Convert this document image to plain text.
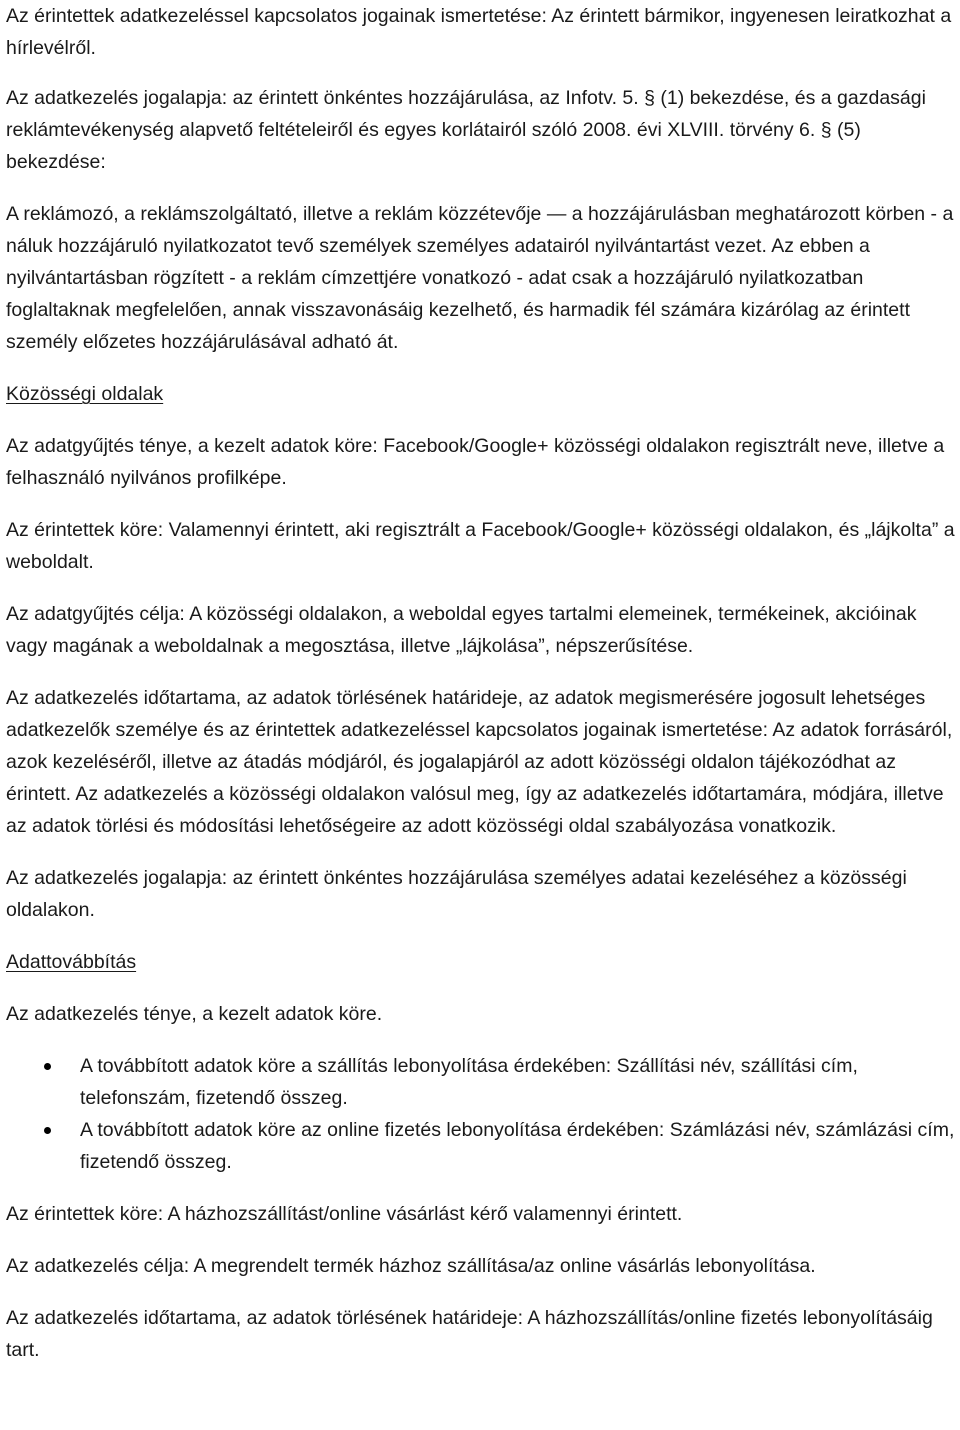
Az érintettek adatkezeléssel kapcsolatos jogainak ismertetése: Az érintett bármikor, ingyenesen leiratkozhat a hírlevélről.

Az adatkezelés jogalapja: az érintett önkéntes hozzájárulása, az Infotv. 5. § (1) bekezdése, és a gazdasági reklámtevékenység alapvető feltételeiről és egyes korlátairól szóló 2008. évi XLVIII. törvény 6. § (5) bekezdése:

A reklámozó, a reklámszolgáltató, illetve a reklám közzétevője — a hozzájárulásban meghatározott körben - a náluk hozzájáruló nyilatkozatot tevő személyek személyes adatairól nyilvántartást vezet. Az ebben a nyilvántartásban rögzített - a reklám címzettjére vonatkozó - adat csak a hozzájáruló nyilatkozatban foglaltaknak megfelelően, annak visszavonásáig kezelhető, és harmadik fél számára kizárólag az érintett személy előzetes hozzájárulásával adható át.

Közösségi oldalak

Az adatgyűjtés ténye, a kezelt adatok köre: Facebook/Google+ közösségi oldalakon regisztrált neve, illetve a felhasználó nyilvános profilképe.

Az érintettek köre: Valamennyi érintett, aki regisztrált a Facebook/Google+ közösségi oldalakon, és „lájkolta” a weboldalt.

Az adatgyűjtés célja: A közösségi oldalakon, a weboldal egyes tartalmi elemeinek, termékeinek, akcióinak vagy magának a weboldalnak a megosztása, illetve „lájkolása”, népszerűsítése.

Az adatkezelés időtartama, az adatok törlésének határideje, az adatok megismerésére jogosult lehetséges adatkezelők személye és az érintettek adatkezeléssel kapcsolatos jogainak ismertetése: Az adatok forrásáról, azok kezeléséről, illetve az átadás módjáról, és jogalapjáról az adott közösségi oldalon tájékozódhat az érintett. Az adatkezelés a közösségi oldalakon valósul meg, így az adatkezelés időtartamára, módjára, illetve az adatok törlési és módosítási lehetőségeire az adott közösségi oldal szabályozása vonatkozik.

Az adatkezelés jogalapja: az érintett önkéntes hozzájárulása személyes adatai kezeléséhez a közösségi oldalakon.

Adattovábbítás

Az adatkezelés ténye, a kezelt adatok köre.

A továbbított adatok köre a szállítás lebonyolítása érdekében: Szállítási név, szállítási cím, telefonszám, fizetendő összeg.
A továbbított adatok köre az online fizetés lebonyolítása érdekében: Számlázási név, számlázási cím, fizetendő összeg.

Az érintettek köre: A házhozszállítást/online vásárlást kérő valamennyi érintett.

Az adatkezelés célja: A megrendelt termék házhoz szállítása/az online vásárlás lebonyolítása.

Az adatkezelés időtartama, az adatok törlésének határideje: A házhozszállítás/online fizetés lebonyolításáig tart.
